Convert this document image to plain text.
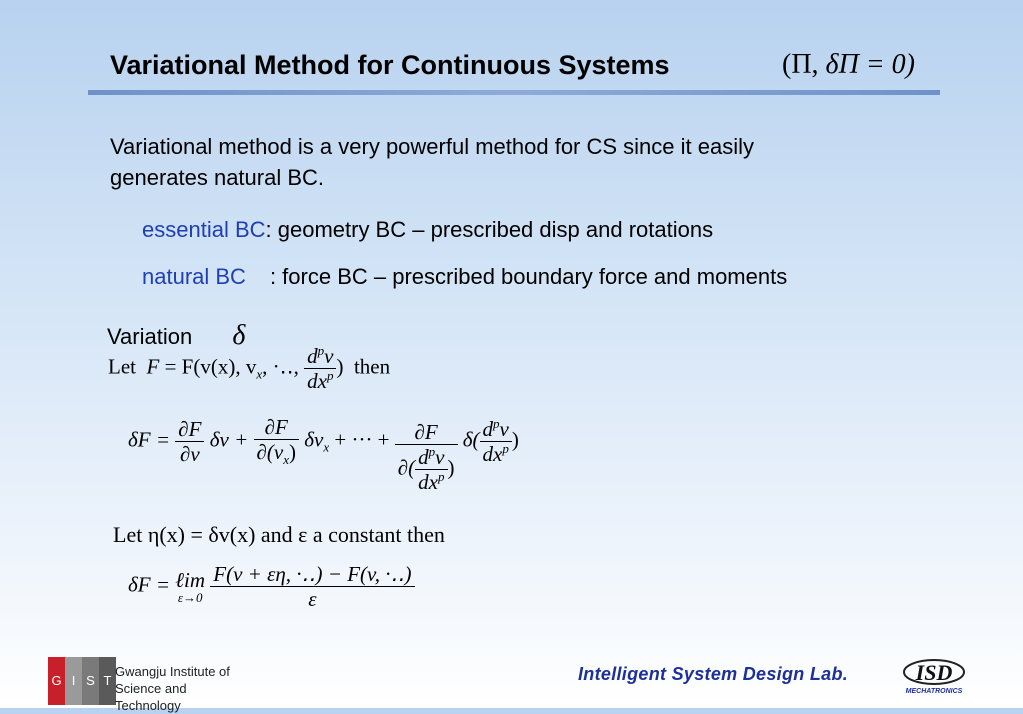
Variational Method for Continuous Systems	(Π, δΠ = 0)
Variational method is a very powerful method for CS since it easily generates natural BC.
essential BC: geometry BC – prescribed disp and rotations
natural BC : force BC – prescribed boundary force and moments
Variation δ
Let F = F(v(x), $v_x$, ·‥, $\frac{d^pv}{dx^p}$ ) then
$\delta F = \frac{\partial F}{\partial v}$ $\delta v + \frac{\partial F}{\partial(v_x)} \delta v_x$ + ··· + $\frac{\partial F}{\partial( \frac{d^pv}{dx^p} )} \delta( \frac{d^pv}{dx^p}$ )
Let η(x) = δv(x) and ε a constant then
δF = ℓim
ε→0
$\frac{F(v + \varepsilon\eta, \cdot‥) - F(v, \cdot‥)}{\varepsilon}$
G I S T
Gwangju Institute of
Science and Technology
Intelligent System Design Lab.	ISD
MECHATRONICS
